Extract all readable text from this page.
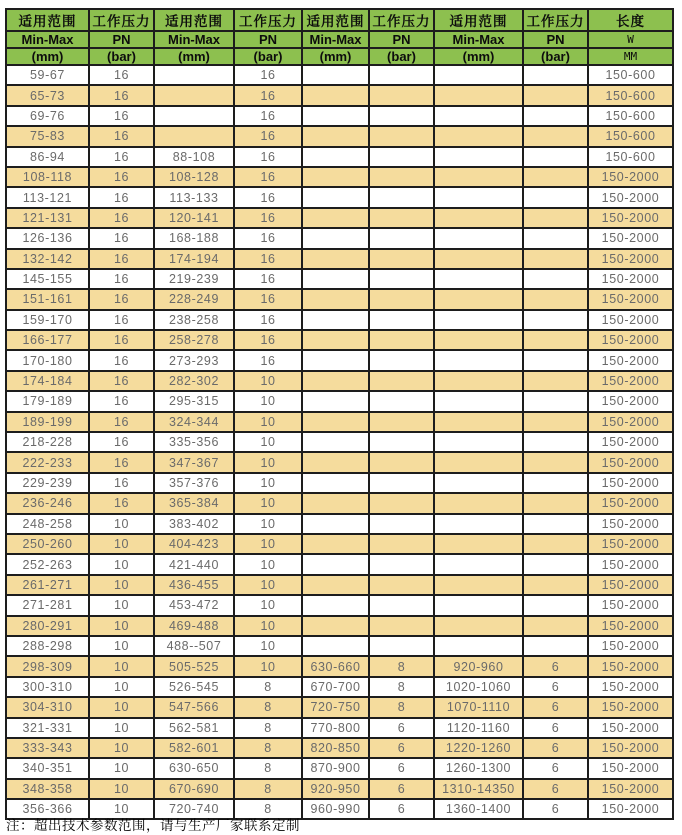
适用范围	工作压力	适用范围	工作压力	适用范围	工作压力	适用范围	工作压力	长度
Min-Max	PN	Min-Max	PN	Min-Max	PN	Min-Max	PN	W
(mm)	(bar)	(mm)	(bar)	(mm)	(bar)	(mm)	(bar)	MM
59-67	16		16					150-600
65-73	16		16					150-600
69-76	16		16					150-600
75-83	16		16					150-600
86-94	16	88-108	16					150-600
108-118	16	108-128	16					150-2000
113-121	16	113-133	16					150-2000
121-131	16	120-141	16					150-2000
126-136	16	168-188	16					150-2000
132-142	16	174-194	16					150-2000
145-155	16	219-239	16					150-2000
151-161	16	228-249	16					150-2000
159-170	16	238-258	16					150-2000
166-177	16	258-278	16					150-2000
170-180	16	273-293	16					150-2000
174-184	16	282-302	10					150-2000
179-189	16	295-315	10					150-2000
189-199	16	324-344	10					150-2000
218-228	16	335-356	10					150-2000
222-233	16	347-367	10					150-2000
229-239	16	357-376	10					150-2000
236-246	16	365-384	10					150-2000
248-258	10	383-402	10					150-2000
250-260	10	404-423	10					150-2000
252-263	10	421-440	10					150-2000
261-271	10	436-455	10					150-2000
271-281	10	453-472	10					150-2000
280-291	10	469-488	10					150-2000
288-298	10	488--507	10					150-2000
298-309	10	505-525	10	630-660	8	920-960	6	150-2000
300-310	10	526-545	8	670-700	8	1020-1060	6	150-2000
304-310	10	547-566	8	720-750	8	1070-1110	6	150-2000
321-331	10	562-581	8	770-800	6	1120-1160	6	150-2000
333-343	10	582-601	8	820-850	6	1220-1260	6	150-2000
340-351	10	630-650	8	870-900	6	1260-1300	6	150-2000
348-358	10	670-690	8	920-950	6	1310-14350	6	150-2000
356-366	10	720-740	8	960-990	6	1360-1400	6	150-2000
注：超出技术参数范围，请与生产厂家联系定制
